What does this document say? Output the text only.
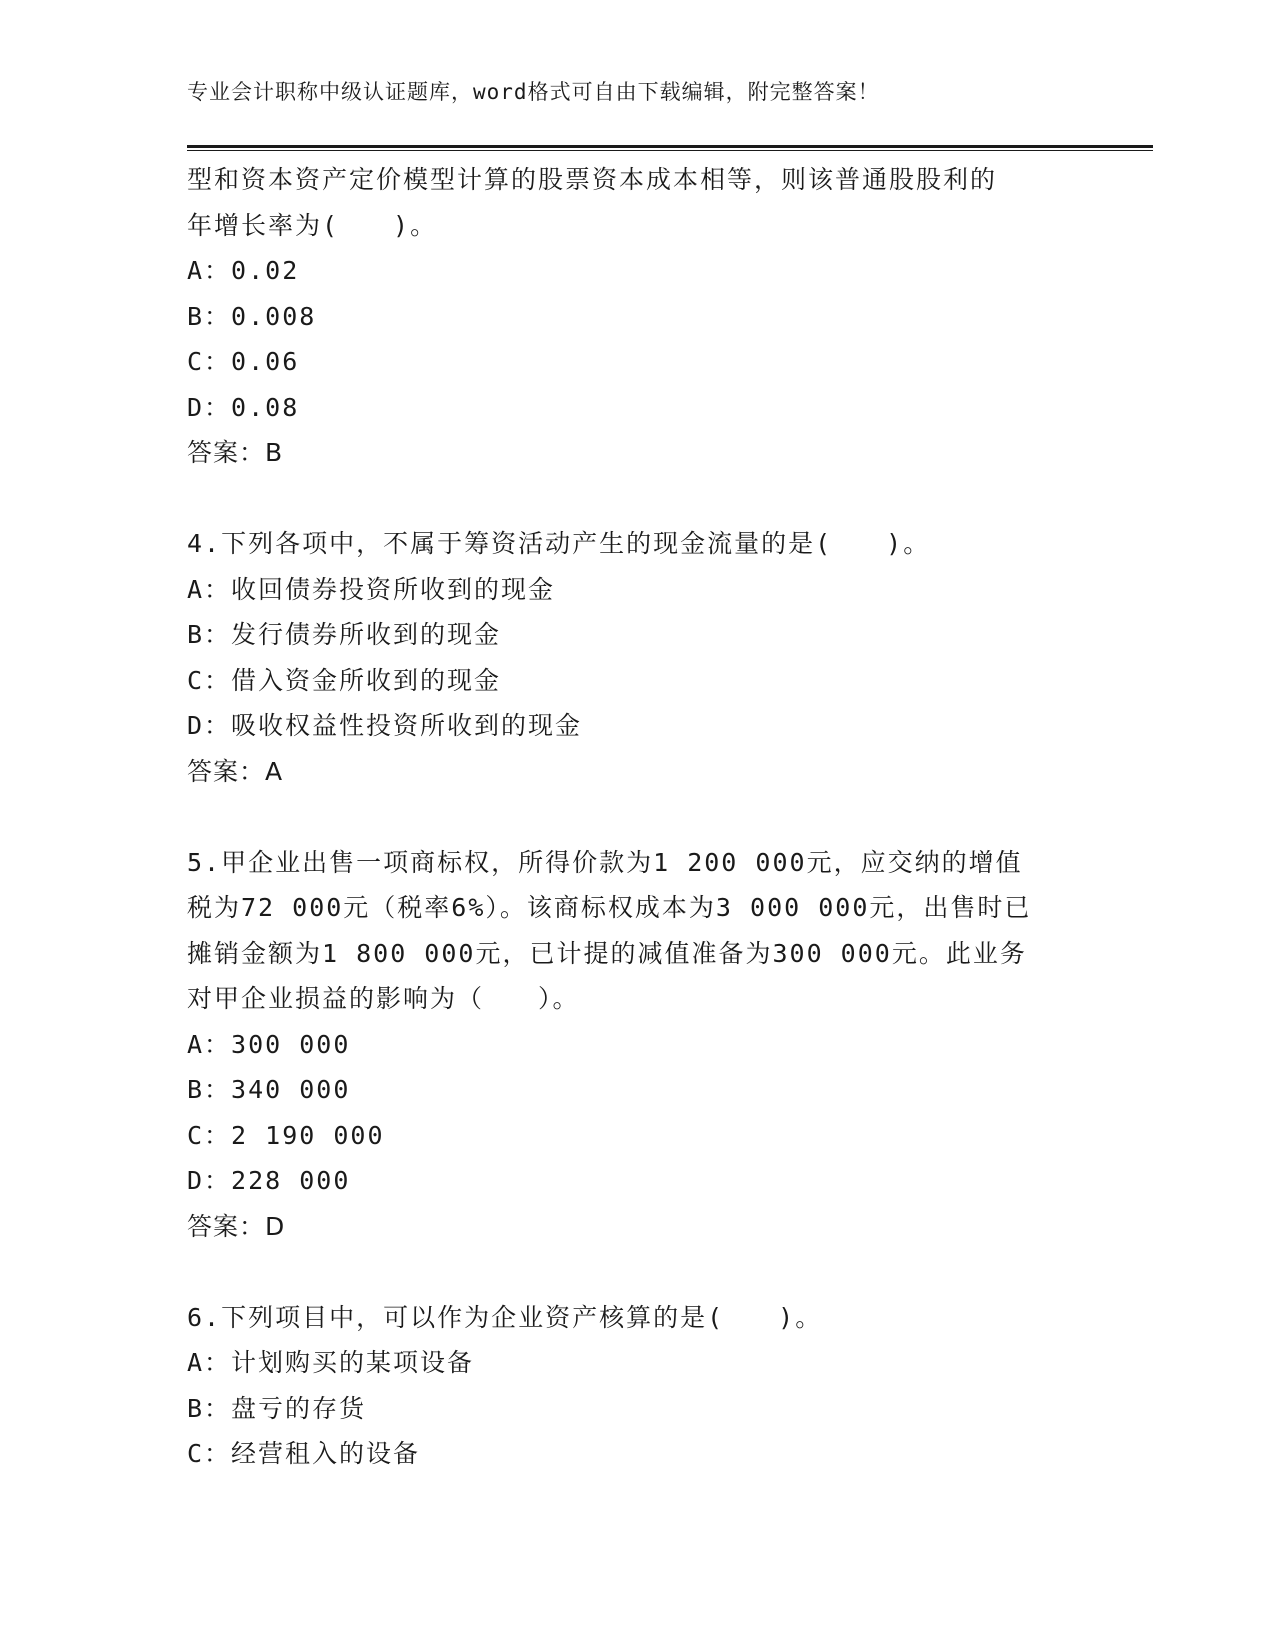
专业会计职称中级认证题库，word格式可自由下载编辑，附完整答案！
型和资本资产定价模型计算的股票资本成本相等，则该普通股股利的
年增长率为(　　)。
A：0.02
B：0.008
C：0.06
D：0.08
答案：B
4.下列各项中，不属于筹资活动产生的现金流量的是(　　)。
A：收回债券投资所收到的现金
B：发行债券所收到的现金
C：借入资金所收到的现金
D：吸收权益性投资所收到的现金
答案：A
5.甲企业出售一项商标权，所得价款为1 200 000元，应交纳的增值
税为72 000元（税率6%）。该商标权成本为3 000 000元，出售时已
摊销金额为1 800 000元，已计提的减值准备为300 000元。此业务
对甲企业损益的影响为（　　）。
A：300 000
B：340 000
C：2 190 000
D：228 000
答案：D
6.下列项目中，可以作为企业资产核算的是(　　)。
A：计划购买的某项设备
B：盘亏的存货
C：经营租入的设备
